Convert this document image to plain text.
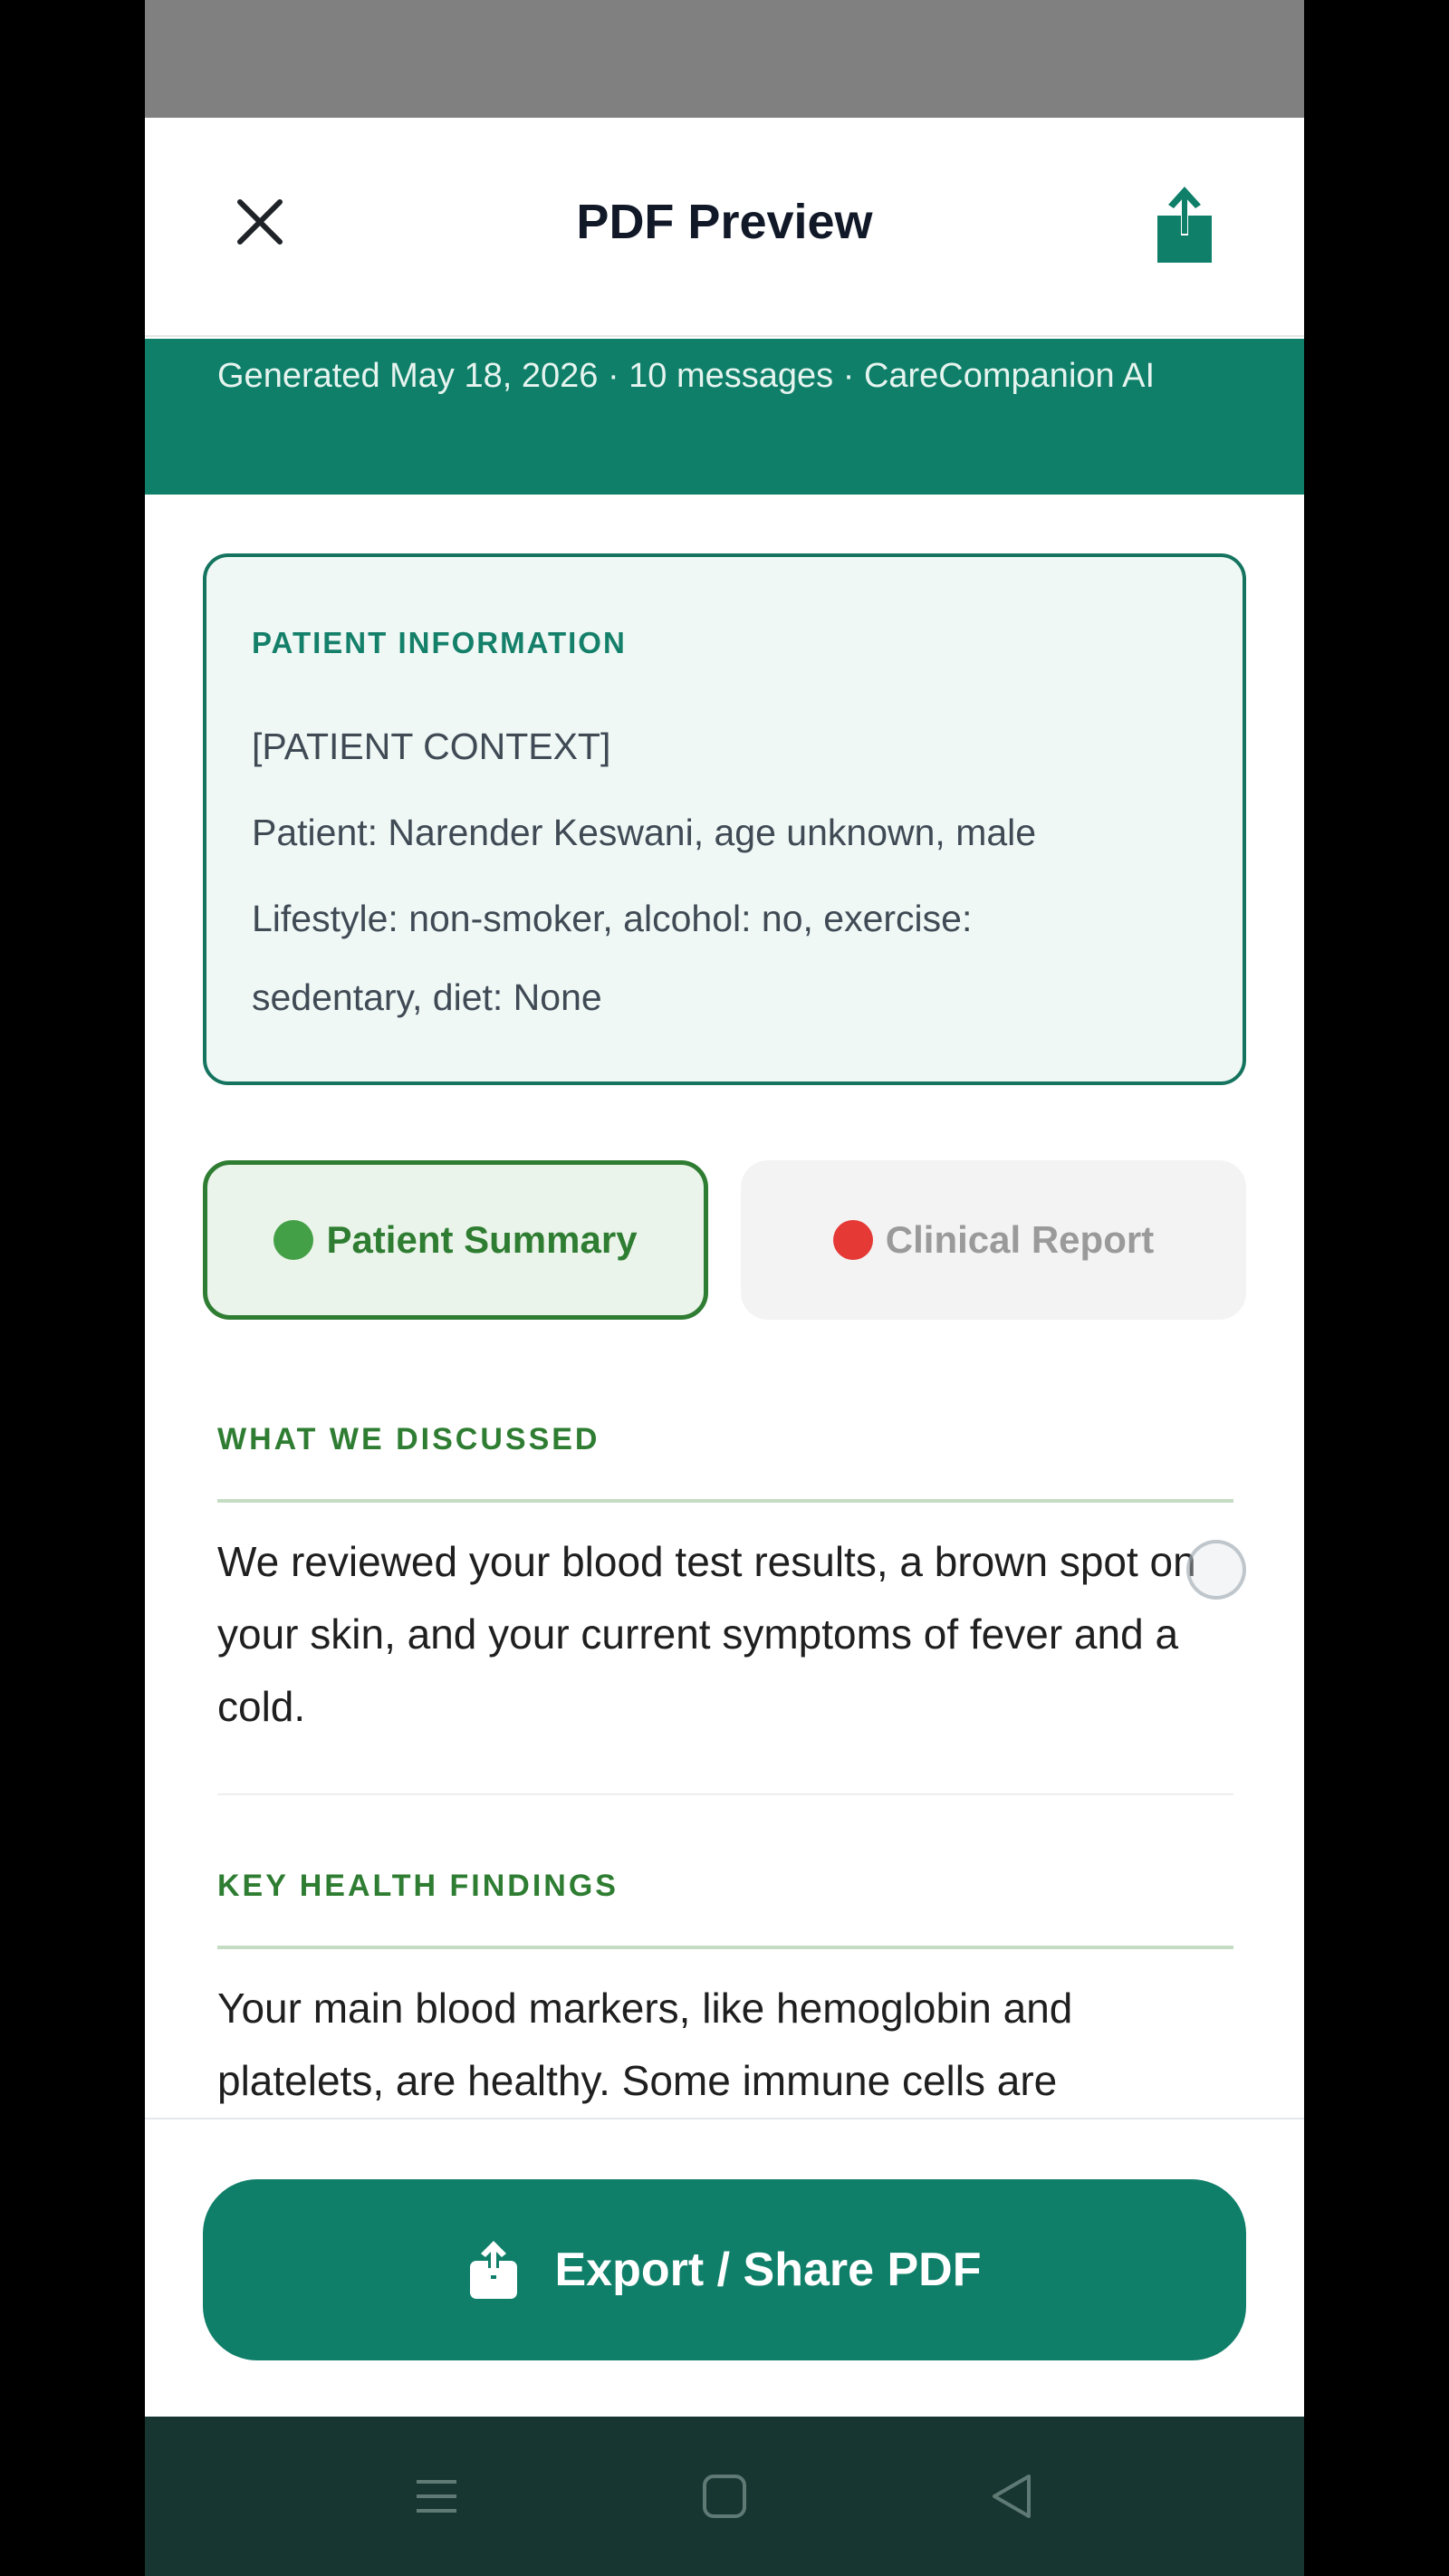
PDF Preview
Generated May 18, 2026 · 10 messages · CareCompanion AI
PATIENT INFORMATION
[PATIENT CONTEXT]
Patient: Narender Keswani, age unknown, male
Lifestyle: non-smoker, alcohol: no, exercise:
sedentary, diet: None
Patient Summary	Clinical Report
WHAT WE DISCUSSED
We reviewed your blood test results, a brown spot on your skin, and your current symptoms of fever and a cold.
KEY HEALTH FINDINGS
Your main blood markers, like hemoglobin and platelets, are healthy. Some immune cells are
Export / Share PDF
